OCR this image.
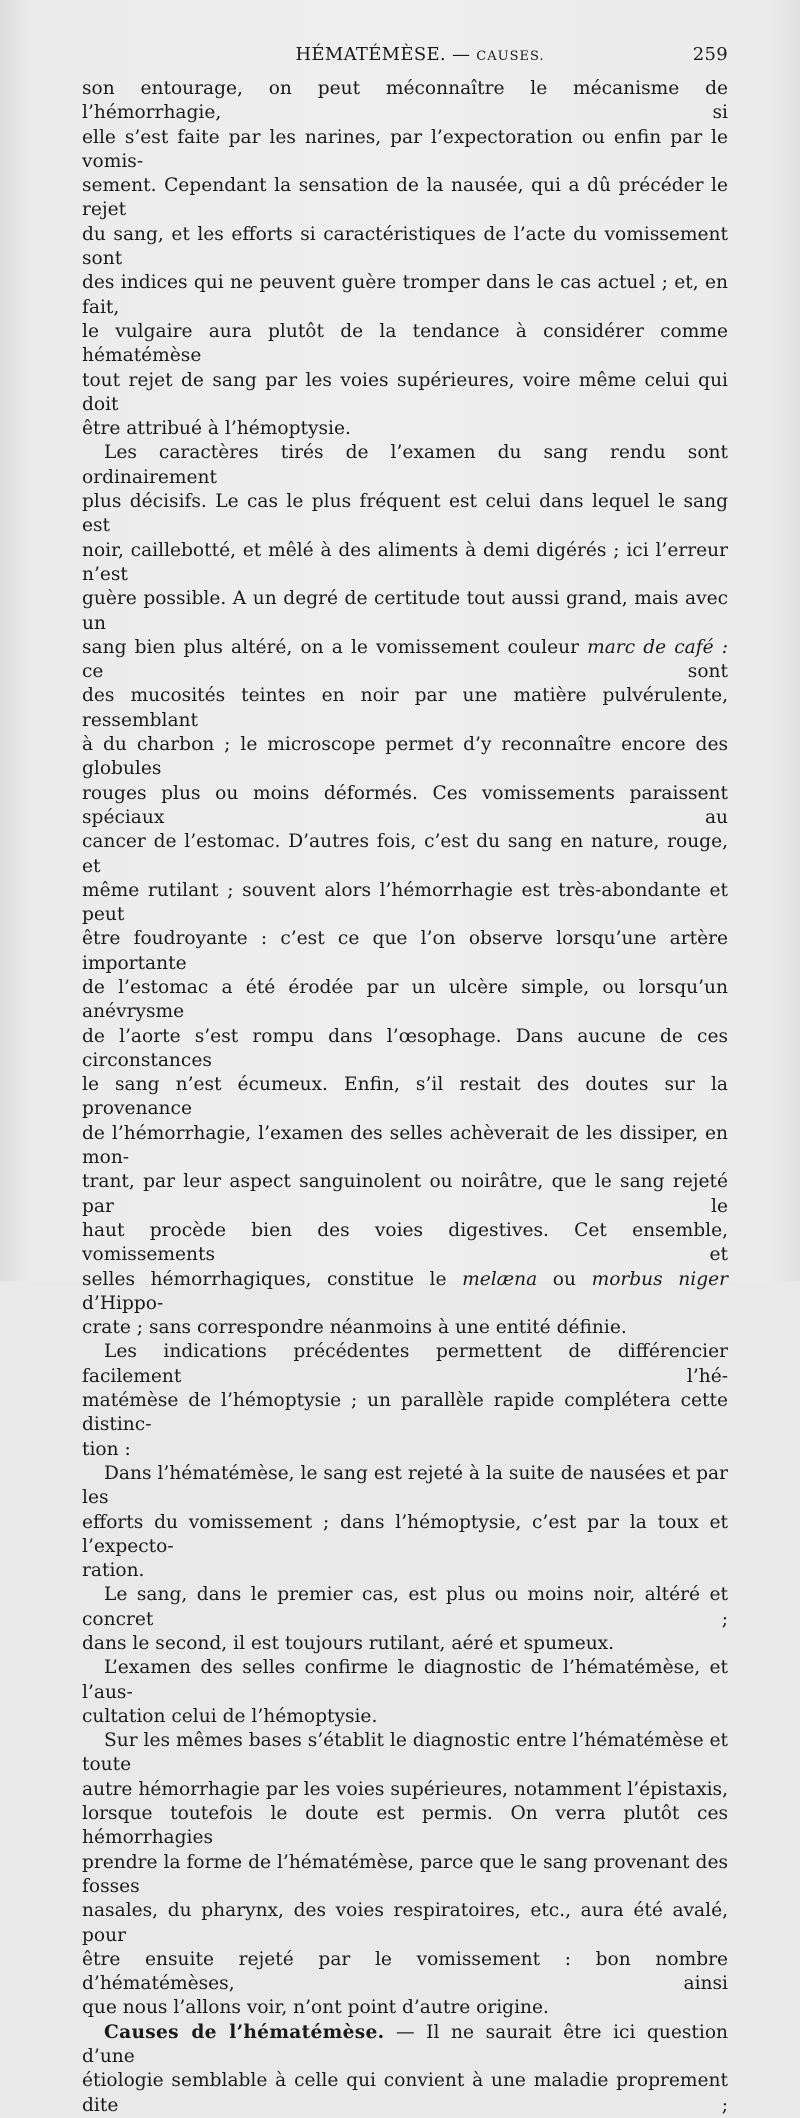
HÉMATÉMÈSE. — CAUSES.	259

son entourage, on peut méconnaître le mécanisme de l’hémorrhagie, si

elle s’est faite par les narines, par l’expectoration ou enfin par le vomis-

sement. Cependant la sensation de la nausée, qui a dû précéder le rejet

du sang, et les efforts si caractéristiques de l’acte du vomissement sont

des indices qui ne peuvent guère tromper dans le cas actuel ; et, en fait,

le vulgaire aura plutôt de la tendance à considérer comme hématémèse

tout rejet de sang par les voies supérieures, voire même celui qui doit

être attribué à l’hémoptysie.

Les caractères tirés de l’examen du sang rendu sont ordinairement

plus décisifs. Le cas le plus fréquent est celui dans lequel le sang est

noir, caillebotté, et mêlé à des aliments à demi digérés ; ici l’erreur n’est

guère possible. A un degré de certitude tout aussi grand, mais avec un

sang bien plus altéré, on a le vomissement couleur marc de café : ce sont

des mucosités teintes en noir par une matière pulvérulente, ressemblant

à du charbon ; le microscope permet d’y reconnaître encore des globules

rouges plus ou moins déformés. Ces vomissements paraissent spéciaux au

cancer de l’estomac. D’autres fois, c’est du sang en nature, rouge, et

même rutilant ; souvent alors l’hémorrhagie est très-abondante et peut

être foudroyante : c’est ce que l’on observe lorsqu’une artère importante

de l’estomac a été érodée par un ulcère simple, ou lorsqu’un anévrysme

de l’aorte s’est rompu dans l’œsophage. Dans aucune de ces circonstances

le sang n’est écumeux. Enfin, s’il restait des doutes sur la provenance

de l’hémorrhagie, l’examen des selles achèverait de les dissiper, en mon-

trant, par leur aspect sanguinolent ou noirâtre, que le sang rejeté par le

haut procède bien des voies digestives. Cet ensemble, vomissements et

selles hémorrhagiques, constitue le melæna ou morbus niger d’Hippo-

crate ; sans correspondre néanmoins à une entité définie.

Les indications précédentes permettent de différencier facilement l’hé-

matémèse de l’hémoptysie ; un parallèle rapide complétera cette distinc-

tion :

Dans l’hématémèse, le sang est rejeté à la suite de nausées et par les

efforts du vomissement ; dans l’hémoptysie, c’est par la toux et l’expecto-

ration.

Le sang, dans le premier cas, est plus ou moins noir, altéré et concret ;

dans le second, il est toujours rutilant, aéré et spumeux.

L’examen des selles confirme le diagnostic de l’hématémèse, et l’aus-

cultation celui de l’hémoptysie.

Sur les mêmes bases s’établit le diagnostic entre l’hématémèse et toute

autre hémorrhagie par les voies supérieures, notamment l’épistaxis,

lorsque toutefois le doute est permis. On verra plutôt ces hémorrhagies

prendre la forme de l’hématémèse, parce que le sang provenant des fosses

nasales, du pharynx, des voies respiratoires, etc., aura été avalé, pour

être ensuite rejeté par le vomissement : bon nombre d’hématémèses, ainsi

que nous l’allons voir, n’ont point d’autre origine.

Causes de l’hématémèse. — Il ne saurait être ici question d’une

étiologie semblable à celle qui convient à une maladie proprement dite ;
